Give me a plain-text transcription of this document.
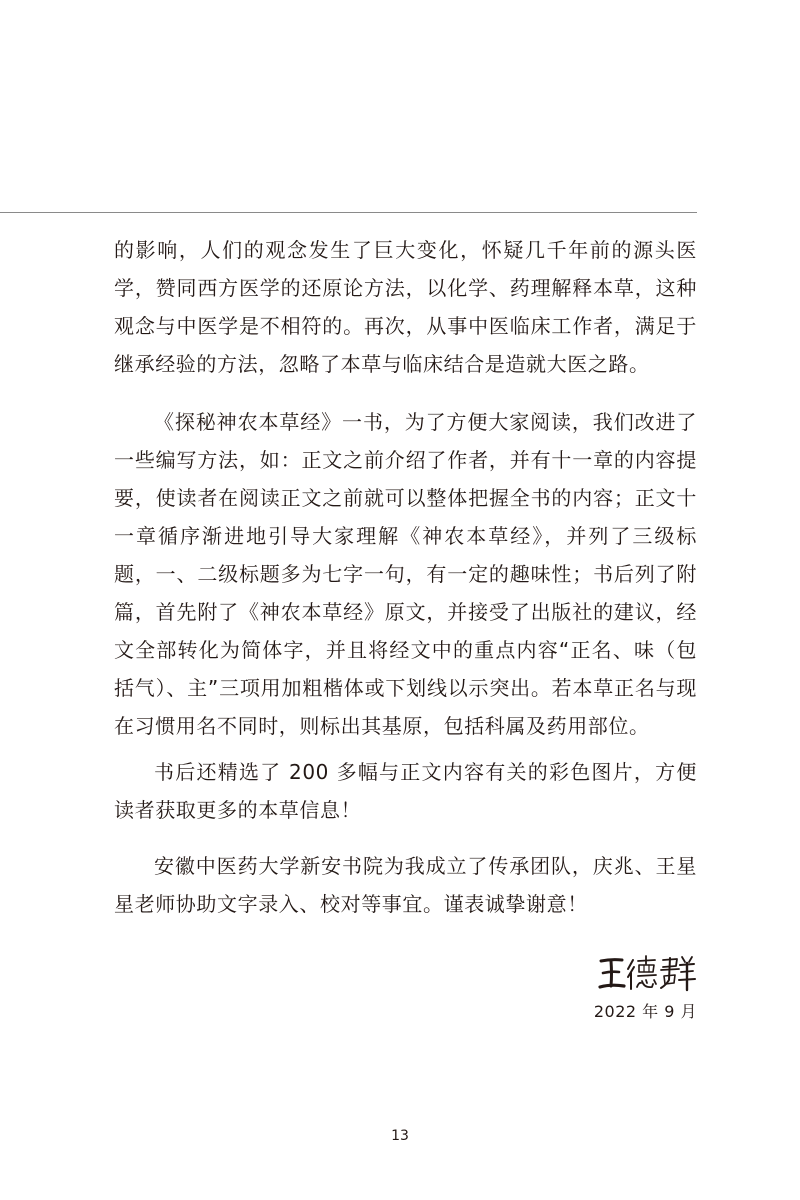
的影响，人们的观念发生了巨大变化，怀疑几千年前的源头医学，赞同西方医学的还原论方法，以化学、药理解释本草，这种观念与中医学是不相符的。再次，从事中医临床工作者，满足于继承经验的方法，忽略了本草与临床结合是造就大医之路。

《探秘神农本草经》一书，为了方便大家阅读，我们改进了一些编写方法，如：正文之前介绍了作者，并有十一章的内容提要，使读者在阅读正文之前就可以整体把握全书的内容；正文十一章循序渐进地引导大家理解《神农本草经》，并列了三级标题，一、二级标题多为七字一句，有一定的趣味性；书后列了附篇，首先附了《神农本草经》原文，并接受了出版社的建议，经文全部转化为简体字，并且将经文中的重点内容“正名、味（包括气）、主”三项用加粗楷体或下划线以示突出。若本草正名与现在习惯用名不同时，则标出其基原，包括科属及药用部位。

书后还精选了 200 多幅与正文内容有关的彩色图片，方便读者获取更多的本草信息！

安徽中医药大学新安书院为我成立了传承团队，庆兆、王星星老师协助文字录入、校对等事宜。谨表诚挚谢意！

2022 年 9 月
13
